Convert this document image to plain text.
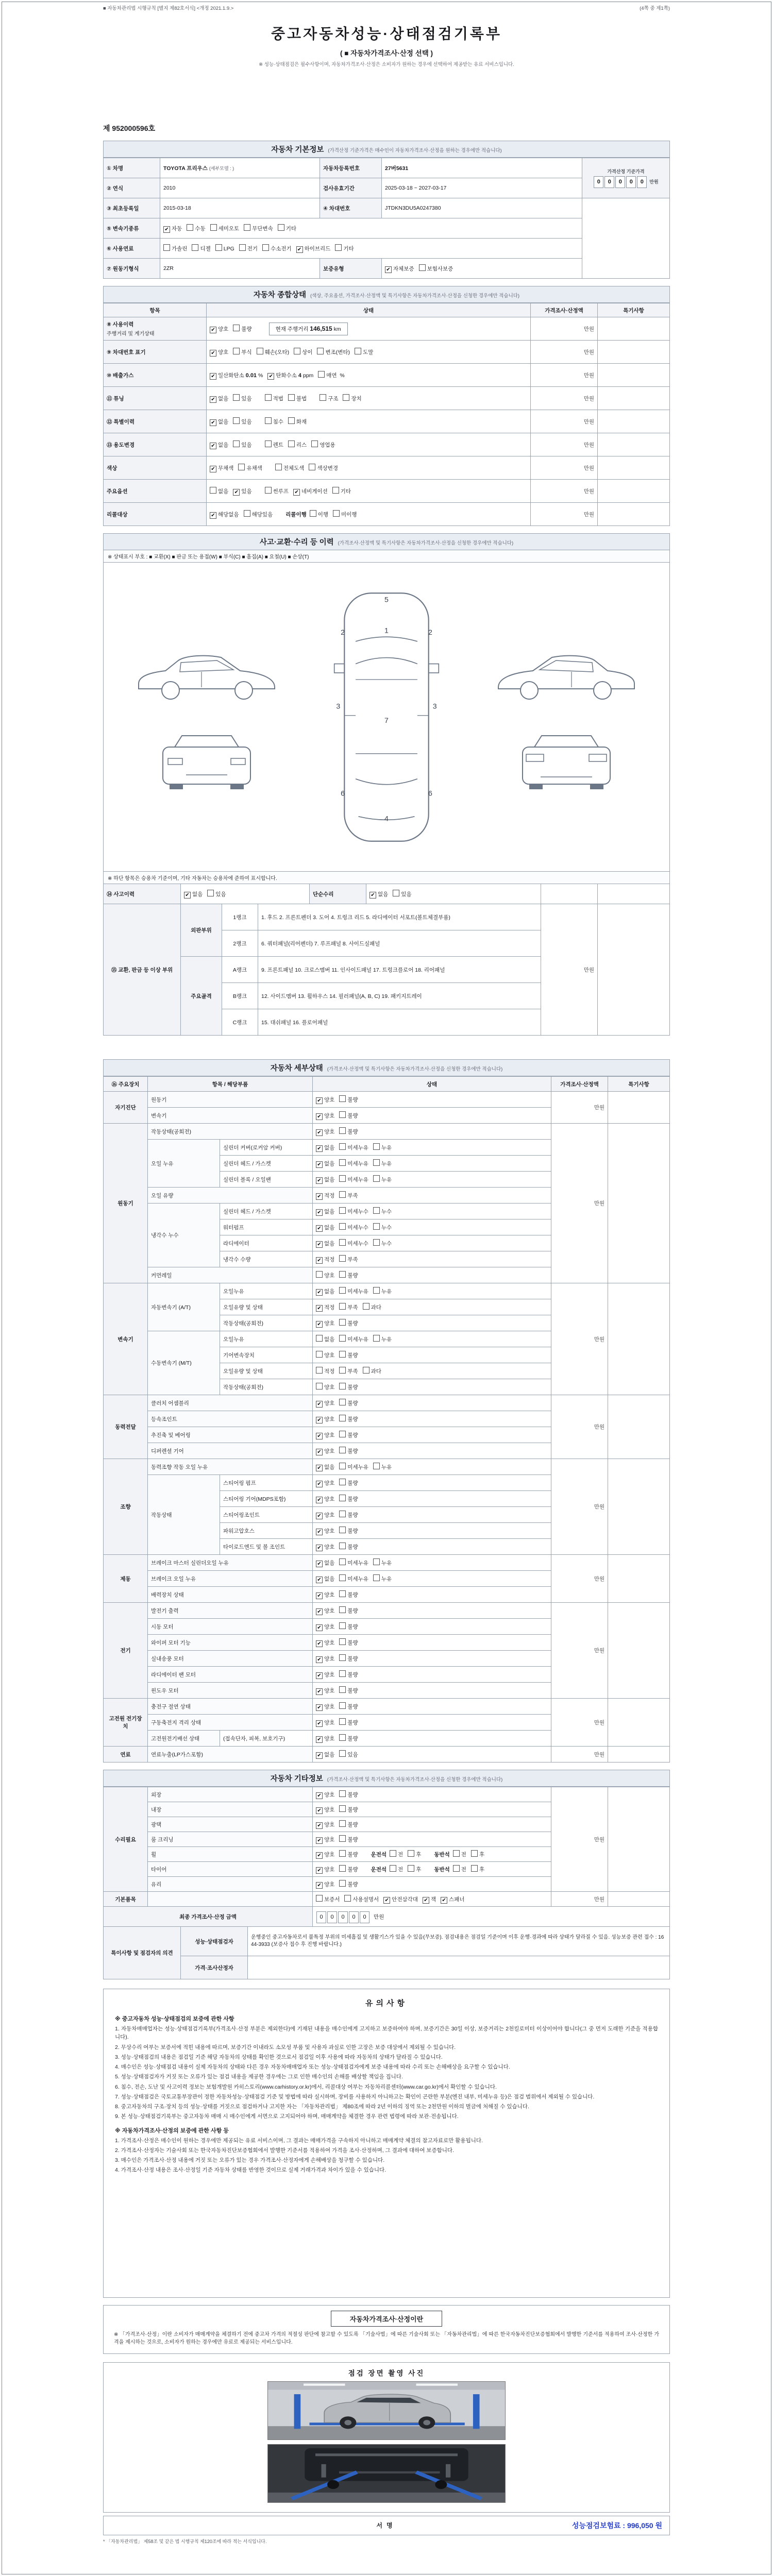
■ 자동차관리법 시행규칙 [별지 제82호서식] <개정 2021.1.9.>	(4쪽 중 제1쪽)
중고자동차성능·상태점검기록부
( ■ 자동차가격조사·산정 선택 )
※ 성능·상태점검은 필수사항이며, 자동차가격조사·산정은 소비자가 원하는 경우에 선택하여 제공받는 유료 서비스입니다.
제 952000596호
자동차 기본정보 (가격산정 기준가격은 매수인이 자동차가격조사·산정을 원하는 경우에만 적습니다)
① 차명	TOYOTA 프리우스 (세부모델 : )	자동차등록번호	27버5631	가격산정 기준가격
0 0 0 0 0 만원
② 연식	2010	검사유효기간	2025-03-18 ~ 2027-03-17	
③ 최초등록일	2015-03-18	④ 차대번호	JTDKN3DU5A0247380	
⑤ 변속기종류	✔ 자동 수동 세미오토 무단변속 기타			
⑥ 사용연료	가솔린 디젤 LPG 전기 수소전기 ✔ 하이브리드 기타			
⑦ 원동기형식	2ZR	보증유형	✔ 자체보증 보험사보증	
자동차 종합상태 (색상, 주요옵션, 가격조사·산정액 및 특기사항은 자동차가격조사·산정을 신청한 경우에만 적습니다)
항목	상태	가격조사·산정액	특기사항
⑧ 사용이력
주행거리 및 계기상태	✔ 양호 불량 현재 주행거리 146,515 km	만원	
⑨ 차대번호 표기	✔ 양호 부식 훼손(오타) 상이 변조(변타) 도말	만원	
⑩ 배출가스	✔ 일산화탄소 0.01 % ✔ 탄화수소 4 ppm 매연  %	만원	
⑪ 튜닝	✔ 없음 있음 적법 불법 구조 장치	만원	
⑫ 특별이력	✔ 없음 있음 침수 화재	만원	
⑬ 용도변경	✔ 없음 있음 렌트 리스 영업용	만원	
색상	✔ 무채색 유채색 전체도색 색상변경	만원	
주요옵션	없음 ✔ 있음 썬루프 ✔ 네비게이션 기타	만원	
리콜대상	✔ 해당없음 해당있음 리콜이행 이행 미이행	만원	
사고·교환·수리 등 이력 (가격조사·산정액 및 특기사항은 자동차가격조사·산정을 신청한 경우에만 적습니다)
※ 상태표시 부호 : ■ 교환(X) ■ 판금 또는 용접(W) ■ 부식(C) ■ 흠집(A) ■ 요철(U) ■ 손상(T)
1
2	2
3	3
7
6	6
4
5
※ 하단 항목은 승용차 기준이며, 기타 자동차는 승용차에 준하여 표시합니다.
⑭ 사고이력	✔ 없음 있음	단순수리	✔ 없음 있음		
⑮ 교환, 판금 등 이상 부위	외판부위	1랭크	1. 후드 2. 프론트펜더 3. 도어 4. 트렁크 리드 5. 라디에이터 서포트(볼트체결부품)	만원	
		2랭크	6. 쿼터패널(리어펜더) 7. 루프패널 8. 사이드실패널		
	주요골격	A랭크	9. 프론트패널 10. 크로스멤버 11. 인사이드패널 17. 트렁크플로어 18. 리어패널		
		B랭크	12. 사이드멤버 13. 휠하우스 14. 필러패널(A, B, C) 19. 패키지트레이		
		C랭크	15. 대쉬패널 16. 플로어패널		
자동차 세부상태 (가격조사·산정액 및 특기사항은 자동차가격조사·산정을 신청한 경우에만 적습니다)
⑯ 주요장치	항목 / 해당부품		상태	가격조사·산정액	특기사항
자기진단	원동기		✔ 양호 불량	만원	
	변속기		✔ 양호 불량		
원동기	작동상태(공회전)		✔ 양호 불량	만원	
	오일 누유	실린더 커버(로커암 커버)	✔ 없음 미세누유 누유		
		실린더 헤드 / 가스켓	✔ 없음 미세누유 누유		
		실린더 블록 / 오일팬	✔ 없음 미세누유 누유		
	오일 유량		✔ 적정 부족		
	냉각수 누수	실린더 헤드 / 가스켓	✔ 없음 미세누수 누수		
		워터펌프	✔ 없음 미세누수 누수		
		라디에이터	✔ 없음 미세누수 누수		
		냉각수 수량	✔ 적정 부족		
	커먼레일		양호 불량		
변속기	자동변속기 (A/T)	오일누유	✔ 없음 미세누유 누유	만원	
		오일유량 및 상태	✔ 적정 부족 과다		
		작동상태(공회전)	✔ 양호 불량		
	수동변속기 (M/T)	오일누유	없음 미세누유 누유		
		기어변속장치	양호 불량		
		오일유량 및 상태	적정 부족 과다		
		작동상태(공회전)	양호 불량		
동력전달	클러치 어셈블리		✔ 양호 불량	만원	
	등속조인트		✔ 양호 불량		
	추진축 및 베어링		✔ 양호 불량		
	디퍼렌셜 기어		✔ 양호 불량		
조향	동력조향 작동 오일 누유		✔ 없음 미세누유 누유	만원	
	작동상태	스티어링 펌프	✔ 양호 불량		
		스티어링 기어(MDPS포함)	✔ 양호 불량		
		스티어링조인트	✔ 양호 불량		
		파워고압호스	✔ 양호 불량		
		타이로드엔드 및 볼 조인트	✔ 양호 불량		
제동	브레이크 마스터 실린더오일 누유		✔ 없음 미세누유 누유	만원	
	브레이크 오일 누유		✔ 없음 미세누유 누유		
	배력장치 상태		✔ 양호 불량		
전기	발전기 출력		✔ 양호 불량	만원	
	시동 모터		✔ 양호 불량		
	와이퍼 모터 기능		✔ 양호 불량		
	실내송풍 모터		✔ 양호 불량		
	라디에이터 팬 모터		✔ 양호 불량		
	윈도우 모터		✔ 양호 불량		
고전원 전기장치	충전구 절연 상태		✔ 양호 불량	만원	
	구동축전지 격리 상태		✔ 양호 불량		
	고전원전기배선 상태	(접속단자, 피복, 보호기구)	✔ 양호 불량		
연료	연료누출(LP가스포함)		✔ 없음 있음	만원	
자동차 기타정보 (가격조사·산정액 및 특기사항은 자동차가격조사·산정을 신청한 경우에만 적습니다)
수리필요	외장	✔ 양호 불량	만원	
	내장	✔ 양호 불량		
	광택	✔ 양호 불량		
	룸 크리닝	✔ 양호 불량		
	휠	✔ 양호 불량 운전석 전 후 동반석 전 후		
	타이어	✔ 양호 불량 운전석 전 후 동반석 전 후		
	유리	✔ 양호 불량		
기본품목		보증서 사용설명서 ✔ 안전삼각대 ✔ 잭 ✔ 스패너	만원	
최종 가격조사·산정 금액	0 0 0 0 0 만원
특이사항 및 점검자의 의견	성능·상태점검자	운행중인 중고자동차로서 불특정 부위의 미세흠집 및 생활기스가 있을 수 있음(무보증). 점검내용은 점검일 기준이며 이후 운행·경과에 따라 상태가 달라질 수 있음. 성능보증 관련 접수 : 1644-3933 (보증사 접수 후 진행 바랍니다.)
	가격·조사산정자	
유의사항
※ 중고자동차 성능·상태점검의 보증에 관한 사항
1. 자동차매매업자는 성능·상태점검기록부(가격조사·산정 부분은 제외한다)에 기재된 내용을 매수인에게 고지하고 보증하여야 하며, 보증기간은 30일 이상, 보증거리는 2천킬로미터 이상이어야 합니다(그 중 먼저 도래한 기준을 적용합니다).
2. 무상수리 여부는 보증서에 적힌 내용에 따르며, 보증기간 이내라도 소모성 부품 및 사용자 과실로 인한 고장은 보증 대상에서 제외될 수 있습니다.
3. 성능·상태점검의 내용은 점검일 기준 해당 자동차의 상태를 확인한 것으로서 점검일 이후 사용에 따라 자동차의 상태가 달라질 수 있습니다.
4. 매수인은 성능·상태점검 내용이 실제 자동차의 상태와 다른 경우 자동차매매업자 또는 성능·상태점검자에게 보증 내용에 따라 수리 또는 손해배상을 요구할 수 있습니다.
5. 성능·상태점검자가 거짓 또는 오류가 있는 점검 내용을 제공한 경우에는 그로 인한 매수인의 손해를 배상할 책임을 집니다.
6. 침수, 전손, 도난 및 사고이력 정보는 보험개발원 카히스토리(www.carhistory.or.kr)에서, 리콜대상 여부는 자동차리콜센터(www.car.go.kr)에서 확인할 수 있습니다.
7. 성능·상태점검은 국토교통부장관이 정한 자동차성능·상태점검 기준 및 방법에 따라 실시하며, 장비를 사용하지 아니하고는 확인이 곤란한 부분(엔진 내부, 미세누유 등)은 점검 범위에서 제외될 수 있습니다.
8. 중고자동차의 구조·장치 등의 성능·상태를 거짓으로 점검하거나 고지한 자는 「자동차관리법」 제80조에 따라 2년 이하의 징역 또는 2천만원 이하의 벌금에 처해질 수 있습니다.
9. 본 성능·상태점검기록부는 중고자동차 매매 시 매수인에게 서면으로 고지되어야 하며, 매매계약을 체결한 경우 관련 법령에 따라 보관·전송됩니다.
※ 자동차가격조사·산정의 보증에 관한 사항 등
1. 가격조사·산정은 매수인이 원하는 경우에만 제공되는 유료 서비스이며, 그 결과는 매매가격을 구속하지 아니하고 매매계약 체결의 참고자료로만 활용됩니다.
2. 가격조사·산정자는 기술사회 또는 한국자동차진단보증협회에서 발행한 기준서를 적용하여 가격을 조사·산정하며, 그 결과에 대하여 보증합니다.
3. 매수인은 가격조사·산정 내용에 거짓 또는 오류가 있는 경우 가격조사·산정자에게 손해배상을 청구할 수 있습니다.
4. 가격조사·산정 내용은 조사·산정일 기준 자동차 상태를 반영한 것이므로 실제 거래가격과 차이가 있을 수 있습니다.
자동차가격조사·산정이란
※ 「가격조사·산정」이란 소비자가 매매계약을 체결하기 전에 중고차 가격의 적절성 판단에 참고할 수 있도록 「기술사법」에 따른 기술사회 또는 「자동차관리법」에 따른 한국자동차진단보증협회에서 발행한 기준서를 적용하여 조사·산정한 가격을 제시하는 것으로, 소비자가 원하는 경우에만 유료로 제공되는 서비스입니다.
점검 장면 촬영 사진
서명	성능점검보험료 : 996,050 원
* 「자동차관리법」 제58조 및 같은 법 시행규칙 제120조에 따라 적는 서식입니다.
